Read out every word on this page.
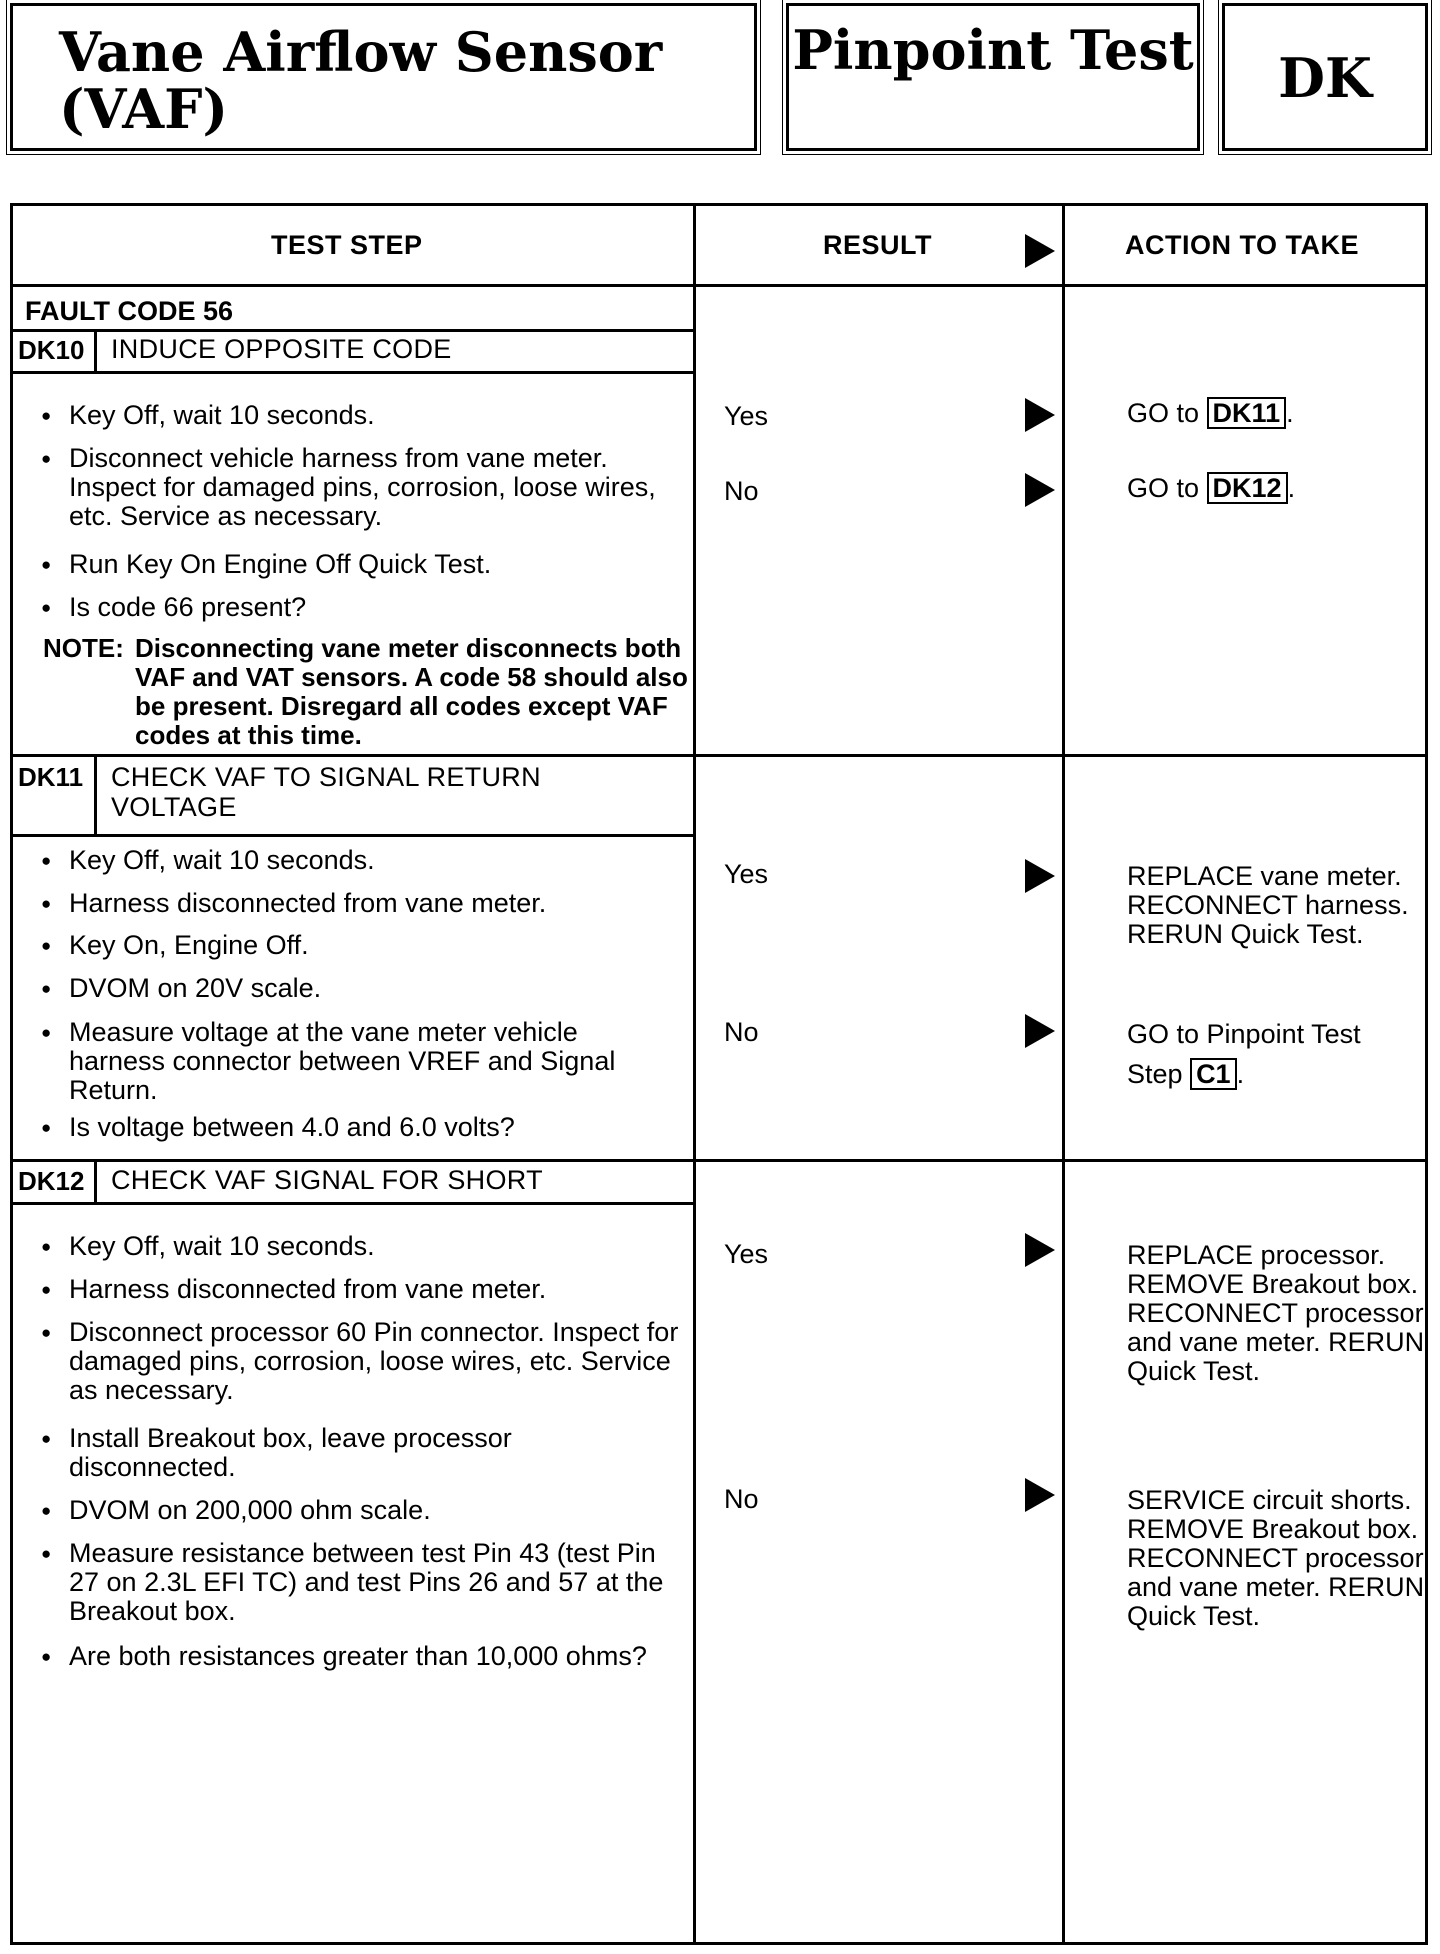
Vane Airflow Sensor (VAF)
Pinpoint Test	DK
TEST STEP	RESULT	ACTION TO TAKE
FAULT CODE 56
DK10 INDUCE OPPOSITE CODE
● Key Off, wait 10 seconds.
● Disconnect vehicle harness from vane meter. Inspect for damaged pins, corrosion, loose wires, etc. Service as necessary.
● Run Key On Engine Off Quick Test.
● Is code 66 present?
NOTE: Disconnecting vane meter disconnects both VAF and VAT sensors. A code 58 should also be present. Disregard all codes except VAF codes at this time.
Yes	GO to DK11 .
No	GO to DK12 .
DK11 CHECK VAF TO SIGNAL RETURN VOLTAGE
● Key Off, wait 10 seconds.
● Harness disconnected from vane meter.
● Key On, Engine Off.
● DVOM on 20V scale.
● Measure voltage at the vane meter vehicle harness connector between VREF and Signal Return.
● Is voltage between 4.0 and 6.0 volts?
Yes	REPLACE vane meter. RECONNECT harness. RERUN Quick Test.
No	GO to Pinpoint Test Step C1 .
DK12 CHECK VAF SIGNAL FOR SHORT
● Key Off, wait 10 seconds.
● Harness disconnected from vane meter.
● Disconnect processor 60 Pin connector. Inspect for damaged pins, corrosion, loose wires, etc. Service as necessary.
● Install Breakout box, leave processor disconnected.
● DVOM on 200,000 ohm scale.
● Measure resistance between test Pin 43 (test Pin 27 on 2.3L EFI TC) and test Pins 26 and 57 at the Breakout box.
● Are both resistances greater than 10,000 ohms?
Yes	REPLACE processor. REMOVE Breakout box. RECONNECT processor and vane meter. RERUN Quick Test.
No	SERVICE circuit shorts. REMOVE Breakout box. RECONNECT processor and vane meter. RERUN Quick Test.
